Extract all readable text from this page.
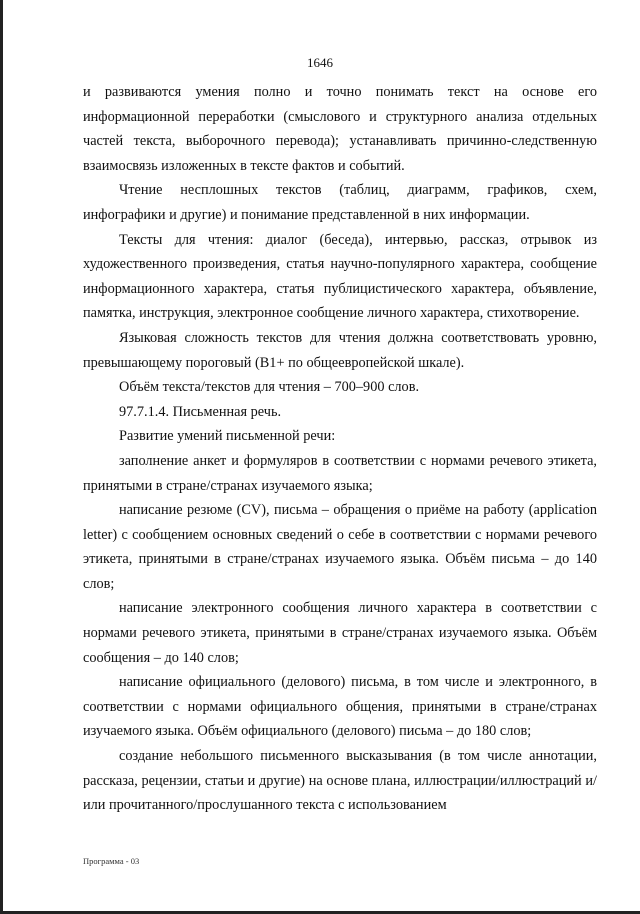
1646

и развиваются умения полно и точно понимать текст на основе его информационной переработки (смыслового и структурного анализа отдельных частей текста, выборочного перевода); устанавливать причинно-следственную взаимосвязь изложенных в тексте фактов и событий.

Чтение несплошных текстов (таблиц, диаграмм, графиков, схем, инфографики и другие) и понимание представленной в них информации.

Тексты для чтения: диалог (беседа), интервью, рассказ, отрывок из художественного произведения, статья научно-популярного характера, сообщение информационного характера, статья публицистического характера, объявление, памятка, инструкция, электронное сообщение личного характера, стихотворение.

Языковая сложность текстов для чтения должна соответствовать уровню, превышающему пороговый (В1+ по общеевропейской шкале).

Объём текста/текстов для чтения – 700–900 слов.

97.7.1.4. Письменная речь.

Развитие умений письменной речи:

заполнение анкет и формуляров в соответствии с нормами речевого этикета, принятыми в стране/странах изучаемого языка;

написание резюме (CV), письма – обращения о приёме на работу (application letter) с сообщением основных сведений о себе в соответствии с нормами речевого этикета, принятыми в стране/странах изучаемого языка. Объём письма – до 140 слов;

написание электронного сообщения личного характера в соответствии с нормами речевого этикета, принятыми в стране/странах изучаемого языка. Объём сообщения – до 140 слов;

написание официального (делового) письма, в том числе и электронного, в соответствии с нормами официального общения, принятыми в стране/странах изучаемого языка. Объём официального (делового) письма – до 180 слов;

создание небольшого письменного высказывания (в том числе аннотации, рассказа, рецензии, статьи и другие) на основе плана, иллюстрации/иллюстраций и/или прочитанного/прослушанного текста с использованием

Программа - 03
